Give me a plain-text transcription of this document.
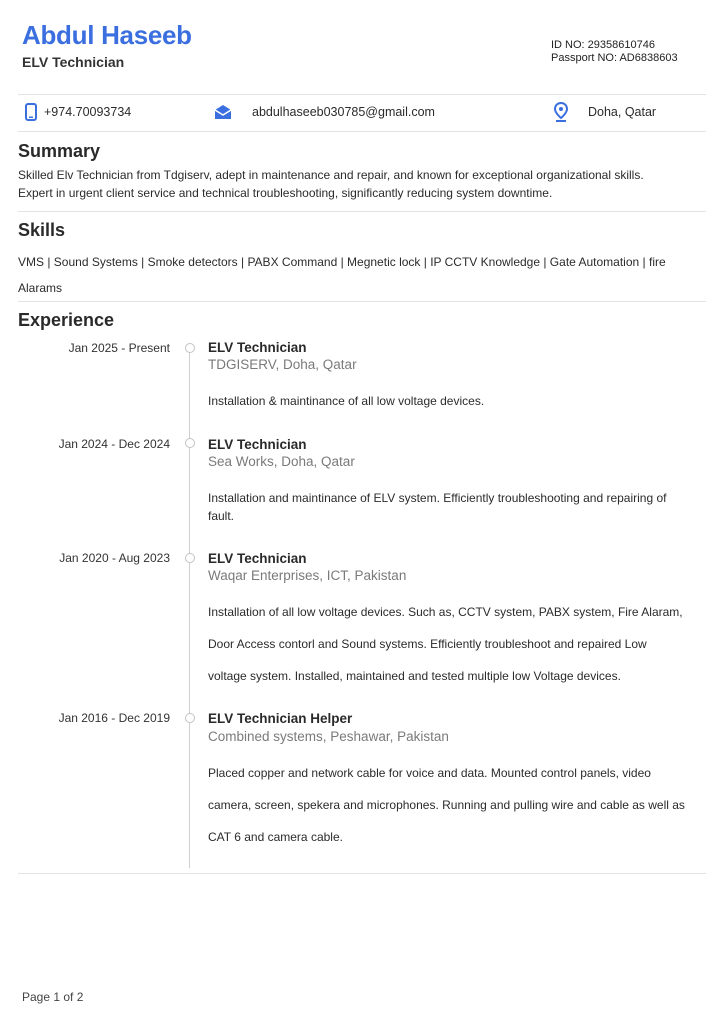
Abdul Haseeb
ELV Technician
ID NO: 29358610746
Passport NO: AD6838603
+974.70093734	abdulhaseeb030785@gmail.com	Doha, Qatar
Summary
Skilled Elv Technician from Tdgiserv, adept in maintenance and repair, and known for exceptional organizational skills.
Expert in urgent client service and technical troubleshooting, significantly reducing system downtime.
Skills
VMS | Sound Systems | Smoke detectors | PABX Command | Megnetic lock | IP CCTV Knowledge | Gate Automation | fire
Alarams
Experience
Jan 2025 - Present	ELV Technician
TDGISERV, Doha, Qatar
Installation & maintinance of all low voltage devices.
Jan 2024 - Dec 2024	ELV Technician
Sea Works, Doha, Qatar
Installation and maintinance of ELV system. Efficiently troubleshooting and repairing of
fault.
Jan 2020 - Aug 2023	ELV Technician
Waqar Enterprises, ICT, Pakistan
Installation of all low voltage devices. Such as, CCTV system, PABX system, Fire Alaram,
Door Access contorl and Sound systems. Efficiently troubleshoot and repaired Low
voltage system. Installed, maintained and tested multiple low Voltage devices.
Jan 2016 - Dec 2019	ELV Technician Helper
Combined systems, Peshawar, Pakistan
Placed copper and network cable for voice and data. Mounted control panels, video
camera, screen, spekera and microphones. Running and pulling wire and cable as well as
CAT 6 and camera cable.
Page 1 of 2
